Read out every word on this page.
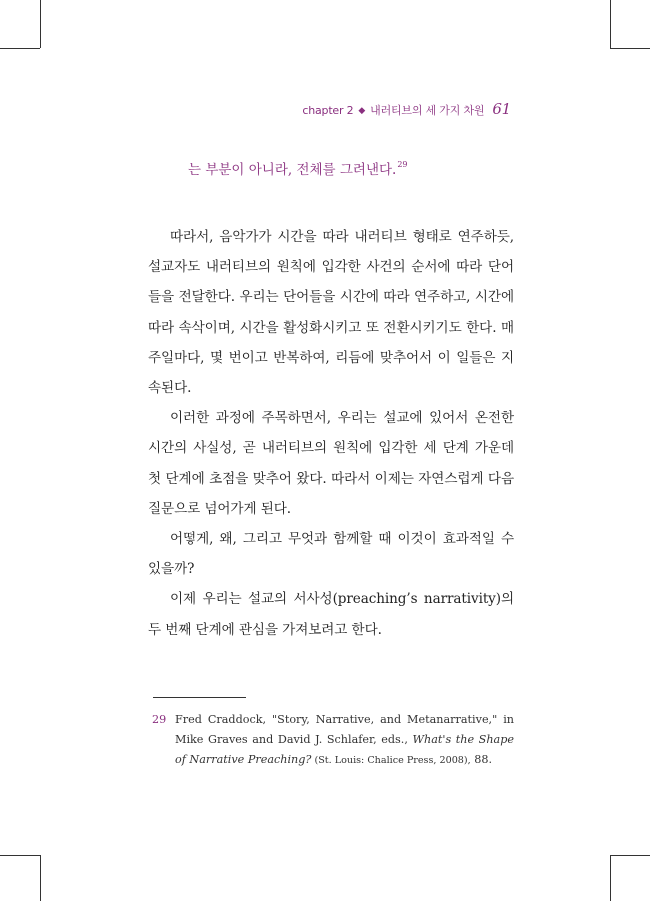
chapter 2 ◆ 내러티브의 세 가지 차원 61
는 부분이 아니라, 전체를 그려낸다.$^{29}$

따라서, 음악가가 시간을 따라 내러티브 형태로 연주하듯, 설교자도 내러티브의 원칙에 입각한 사건의 순서에 따라 단어들을 전달한다. 우리는 단어들을 시간에 따라 연주하고, 시간에 따라 속삭이며, 시간을 활성화시키고 또 전환시키기도 한다. 매주일마다, 몇 번이고 반복하여, 리듬에 맞추어서 이 일들은 지속된다.

이러한 과정에 주목하면서, 우리는 설교에 있어서 온전한 시간의 사실성, 곧 내러티브의 원칙에 입각한 세 단계 가운데 첫 단계에 초점을 맞추어 왔다. 따라서 이제는 자연스럽게 다음 질문으로 넘어가게 된다.

어떻게, 왜, 그리고 무엇과 함께할 때 이것이 효과적일 수 있을까?

이제 우리는 설교의 서사성(preaching’s narrativity)의 두 번째 단계에 관심을 가져보려고 한다.

29 Fred Craddock, "Story, Narrative, and Metanarrative," in Mike Graves and David J. Schlafer, eds., What's the Shape of Narrative Preaching? (St. Louis: Chalice Press, 2008), 88.
